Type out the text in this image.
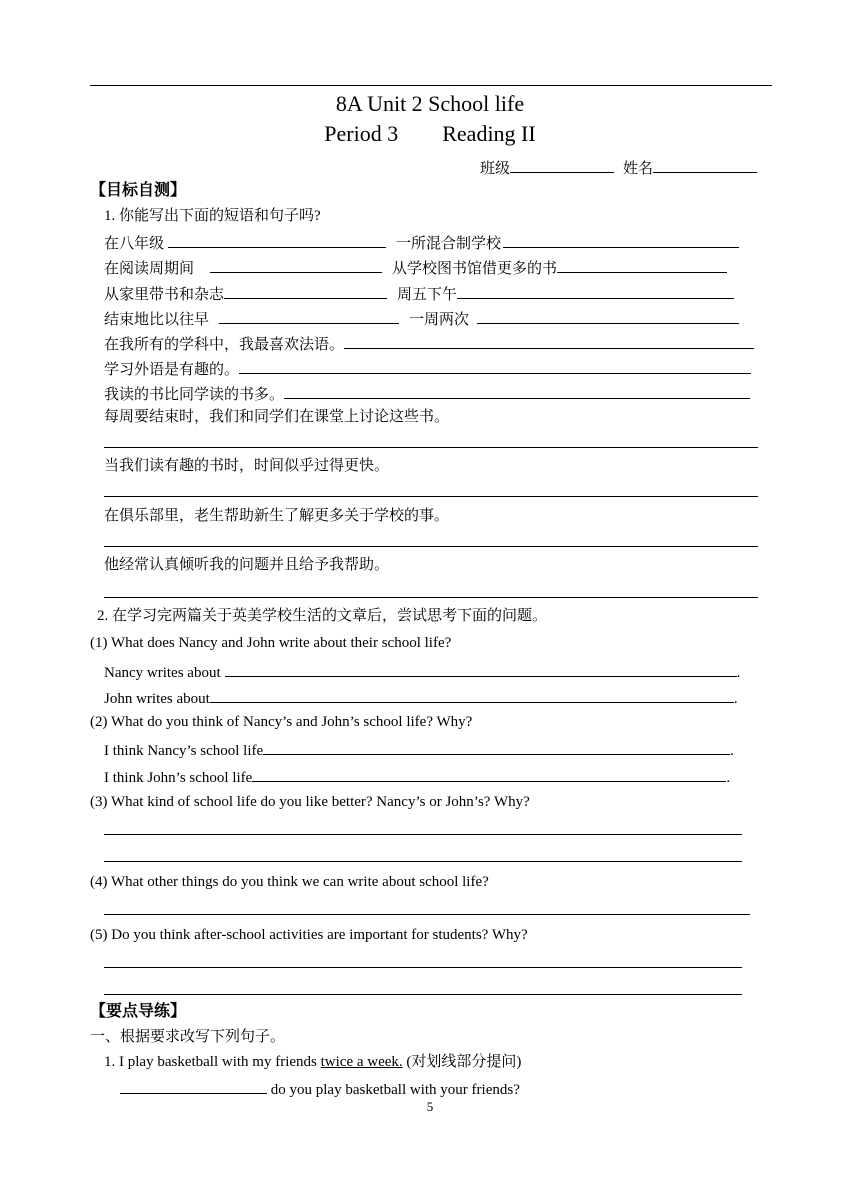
8A Unit 2 School life
Period 3 Reading II
班级	姓名
【目标自测】
1. 你能写出下面的短语和句子吗?
在八年级	一所混合制学校
在阅读周期间	从学校图书馆借更多的书
从家里带书和杂志	周五下午
结束地比以往早	一周两次
在我所有的学科中，我最喜欢法语。
学习外语是有趣的。
我读的书比同学读的书多。
每周要结束时，我们和同学们在课堂上讨论这些书。
当我们读有趣的书时，时间似乎过得更快。
在俱乐部里，老生帮助新生了解更多关于学校的事。
他经常认真倾听我的问题并且给予我帮助。
2. 在学习完两篇关于英美学校生活的文章后，尝试思考下面的问题。
(1) What does Nancy and John write about their school life?
Nancy writes about	.
John writes about	.
(2) What do you think of Nancy’s and John’s school life? Why?
I think Nancy’s school life	.
I think John’s school life	.
(3) What kind of school life do you like better? Nancy’s or John’s? Why?
(4) What other things do you think we can write about school life?
(5) Do you think after-school activities are important for students? Why?
【要点导练】
一、根据要求改写下列句子。
1. I play basketball with my friends twice a week. (对划线部分提问)
do you play basketball with your friends?
5
